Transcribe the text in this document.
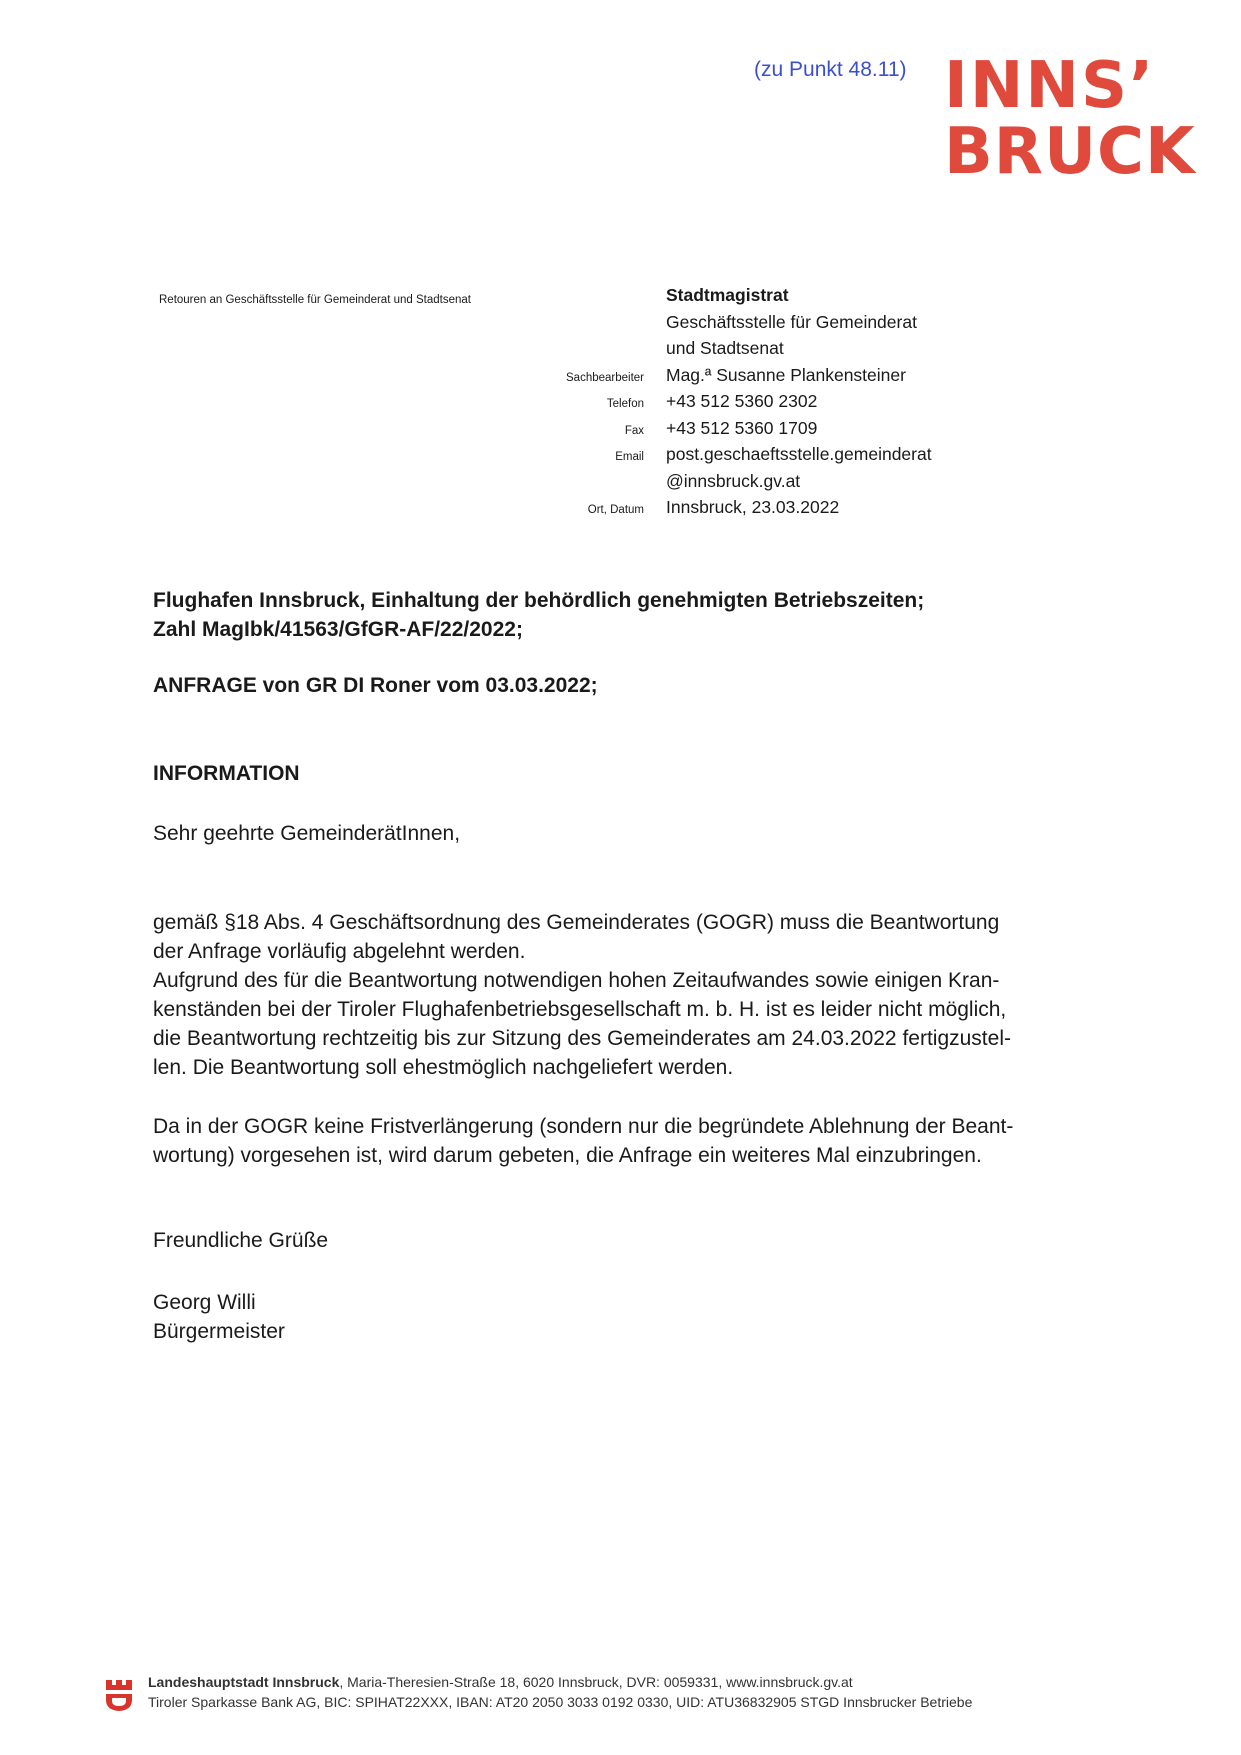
(zu Punkt 48.11) INNS’
BRUCK
Retouren an Geschäftsstelle für Gemeinderat und Stadtsenat	Stadtmagistrat
Geschäftsstelle für Gemeinderat
und Stadtsenat
Sachbearbeiter	Mag.ª Susanne Plankensteiner
Telefon	+43 512 5360 2302
Fax	+43 512 5360 1709
Email	post.geschaeftsstelle.gemeinderat
@innsbruck.gv.at
Ort, Datum	Innsbruck, 23.03.2022
Flughafen Innsbruck, Einhaltung der behördlich genehmigten Betriebszeiten;
Zahl MagIbk/41563/GfGR-AF/22/2022;
ANFRAGE von GR DI Roner vom 03.03.2022;
INFORMATION
Sehr geehrte GemeinderätInnen,
gemäß §18 Abs. 4 Geschäftsordnung des Gemeinderates (GOGR) muss die Beantwortung
der Anfrage vorläufig abgelehnt werden.
Aufgrund des für die Beantwortung notwendigen hohen Zeitaufwandes sowie einigen Kran-
kenständen bei der Tiroler Flughafenbetriebsgesellschaft m. b. H. ist es leider nicht möglich,
die Beantwortung rechtzeitig bis zur Sitzung des Gemeinderates am 24.03.2022 fertigzustel-
len. Die Beantwortung soll ehestmöglich nachgeliefert werden.
Da in der GOGR keine Fristverlängerung (sondern nur die begründete Ablehnung der Beant-
wortung) vorgesehen ist, wird darum gebeten, die Anfrage ein weiteres Mal einzubringen.
Freundliche Grüße
Georg Willi
Bürgermeister
Landeshauptstadt Innsbruck, Maria-Theresien-Straße 18, 6020 Innsbruck, DVR: 0059331, www.innsbruck.gv.at
Tiroler Sparkasse Bank AG, BIC: SPIHAT22XXX, IBAN: AT20 2050 3033 0192 0330, UID: ATU36832905 STGD Innsbrucker Betriebe
